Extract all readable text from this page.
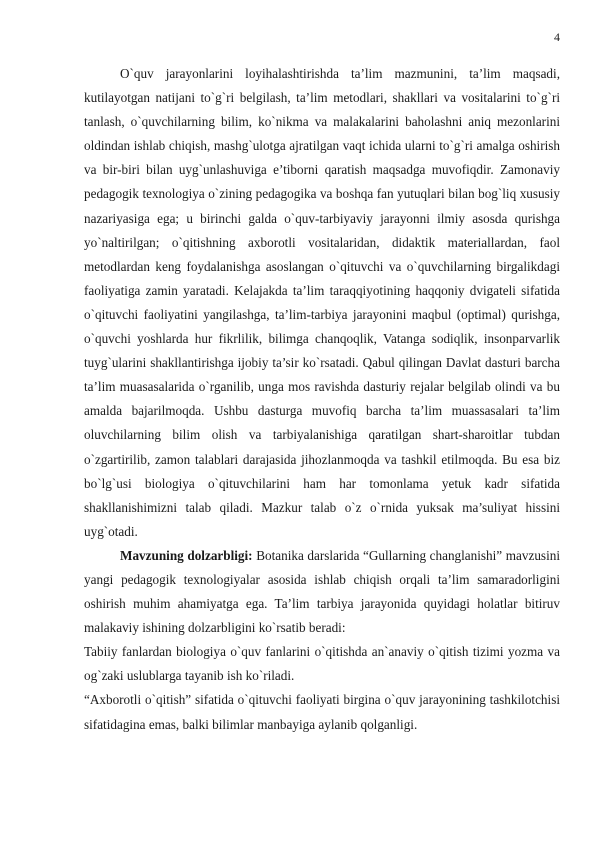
4

O`quv jarayonlarini loyihalashtirishda ta’lim mazmunini, ta’lim maqsadi, kutilayotgan natijani to`g`ri belgilash, ta’lim metodlari, shakllari va vositalarini to`g`ri tanlash, o`quvchilarning bilim, ko`nikma va malakalarini baholashni aniq mezonlarini oldindan ishlab chiqish, mashg`ulotga ajratilgan vaqt ichida ularni to`g`ri amalga oshirish va bir-biri bilan uyg`unlashuviga e’tiborni qaratish maqsadga muvofiqdir. Zamonaviy pedagogik texnologiya o`zining pedagogika va boshqa fan yutuqlari bilan bog`liq xususiy nazariyasiga ega; u birinchi galda o`quv-tarbiyaviy jarayonni ilmiy asosda qurishga yo`naltirilgan; o`qitishning axborotli vositalaridan, didaktik materiallardan, faol metodlardan keng foydalanishga asoslangan o`qituvchi va o`quvchilarning birgalikdagi faoliyatiga zamin yaratadi. Kelajakda ta’lim taraqqiyotining haqqoniy dvigateli sifatida o`qituvchi faoliyatini yangilashga, ta’lim-tarbiya jarayonini maqbul (optimal) qurishga, o`quvchi yoshlarda hur fikrlilik, bilimga chanqoqlik, Vatanga sodiqlik, insonparvarlik tuyg`ularini shakllantirishga ijobiy ta’sir ko`rsatadi. Qabul qilingan Davlat dasturi barcha ta’lim muasasalarida o`rganilib, unga mos ravishda dasturiy rejalar belgilab olindi va bu amalda bajarilmoqda. Ushbu dasturga muvofiq barcha ta’lim muassasalari ta’lim oluvchilarning bilim olish va tarbiyalanishiga qaratilgan shart-sharoitlar tubdan o`zgartirilib, zamon talablari darajasida jihozlanmoqda va tashkil etilmoqda. Bu esa biz bo`lg`usi biologiya o`qituvchilarini ham har tomonlama yetuk kadr sifatida shakllanishimizni talab qiladi. Mazkur talab o`z o`rnida yuksak ma’suliyat hissini uyg`otadi.

Mavzuning dolzarbligi: Botanika darslarida “Gullarning changlanishi” mavzusini yangi pedagogik texnologiyalar asosida ishlab chiqish orqali ta’lim samaradorligini oshirish muhim ahamiyatga ega. Ta’lim tarbiya jarayonida quyidagi holatlar bitiruv malakaviy ishining dolzarbligini ko`rsatib beradi:

Tabiiy fanlardan biologiya o`quv fanlarini o`qitishda an`anaviy o`qitish tizimi yozma va og`zaki uslublarga tayanib ish ko`riladi.

“Axborotli o`qitish” sifatida o`qituvchi faoliyati birgina o`quv jarayonining tashkilotchisi sifatidagina emas, balki bilimlar manbayiga aylanib qolganligi.
